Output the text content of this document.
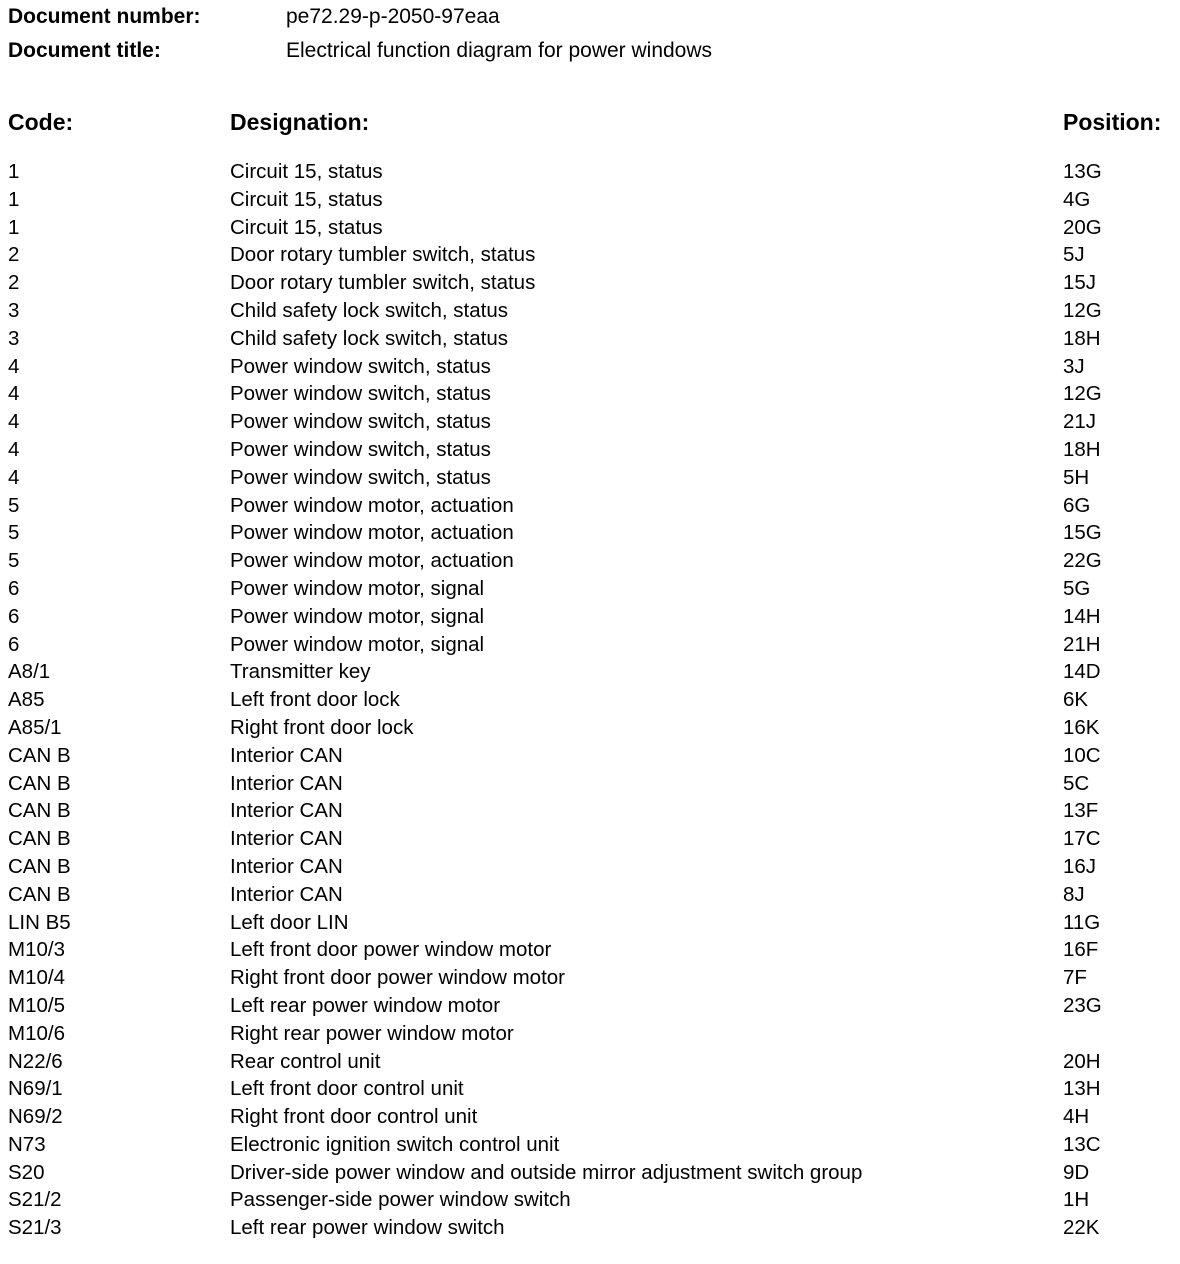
Document number:	pe72.29-p-2050-97eaa
Document title:	Electrical function diagram for power windows
Code:	Designation:	Position:
1	Circuit 15, status	13G
1	Circuit 15, status	4G
1	Circuit 15, status	20G
2	Door rotary tumbler switch, status	5J
2	Door rotary tumbler switch, status	15J
3	Child safety lock switch, status	12G
3	Child safety lock switch, status	18H
4	Power window switch, status	3J
4	Power window switch, status	12G
4	Power window switch, status	21J
4	Power window switch, status	18H
4	Power window switch, status	5H
5	Power window motor, actuation	6G
5	Power window motor, actuation	15G
5	Power window motor, actuation	22G
6	Power window motor, signal	5G
6	Power window motor, signal	14H
6	Power window motor, signal	21H
A8/1	Transmitter key	14D
A85	Left front door lock	6K
A85/1	Right front door lock	16K
CAN B	Interior CAN	10C
CAN B	Interior CAN	5C
CAN B	Interior CAN	13F
CAN B	Interior CAN	17C
CAN B	Interior CAN	16J
CAN B	Interior CAN	8J
LIN B5	Left door LIN	11G
M10/3	Left front door power window motor	16F
M10/4	Right front door power window motor	7F
M10/5	Left rear power window motor	23G
M10/6	Right rear power window motor
N22/6	Rear control unit	20H
N69/1	Left front door control unit	13H
N69/2	Right front door control unit	4H
N73	Electronic ignition switch control unit	13C
S20	Driver-side power window and outside mirror adjustment switch group	9D
S21/2	Passenger-side power window switch	1H
S21/3	Left rear power window switch	22K
